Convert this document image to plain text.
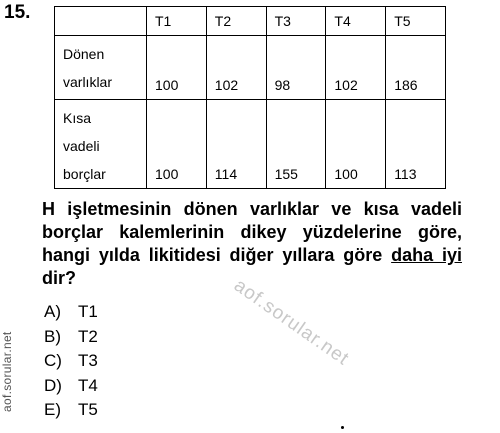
15.
		T1	T2	T3	T4	T5

Dönen
varlıklar	100	102	98	102	186

Kısa
vadeli
borçlar	100	114	155	100	113
H işletmesinin dönen varlıklar ve kısa vadeli borçlar kalemlerinin dikey yüzdelerine göre, hangi yılda likitidesi diğer yıllara göre daha iyi dir?
A) T1
B) T2
C) T3
D) T4
E) T5
aof.sorular.net
aof.sorular.net
